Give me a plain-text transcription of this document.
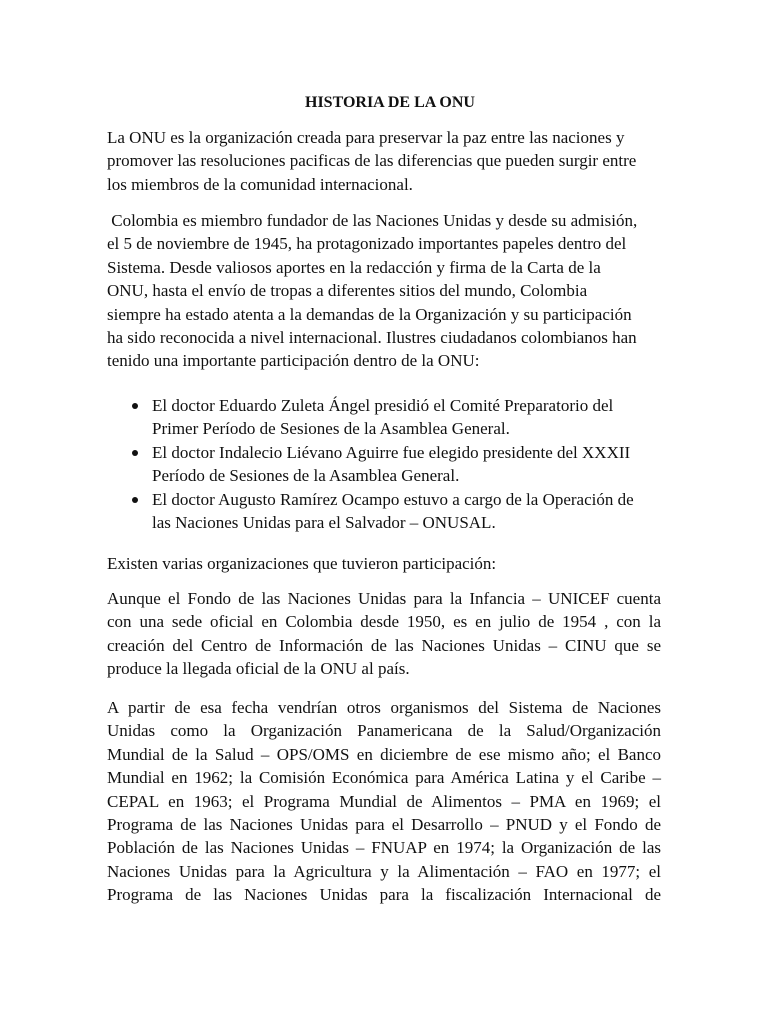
HISTORIA DE LA ONU

La ONU es la organización creada para preservar la paz entre las naciones y
promover las resoluciones pacificas de las diferencias que pueden surgir entre
los miembros de la comunidad internacional.

Colombia es miembro fundador de las Naciones Unidas y desde su admisión,
el 5 de noviembre de 1945, ha protagonizado importantes papeles dentro del
Sistema. Desde valiosos aportes en la redacción y firma de la Carta de la
ONU, hasta el envío de tropas a diferentes sitios del mundo, Colombia
siempre ha estado atenta a la demandas de la Organización y su participación
ha sido reconocida a nivel internacional. Ilustres ciudadanos colombianos han
tenido una importante participación dentro de la ONU:

El doctor Eduardo Zuleta Ángel presidió el Comité Preparatorio del
Primer Período de Sesiones de la Asamblea General.
El doctor Indalecio Liévano Aguirre fue elegido presidente del XXXII
Período de Sesiones de la Asamblea General.
El doctor Augusto Ramírez Ocampo estuvo a cargo de la Operación de
las Naciones Unidas para el Salvador – ONUSAL.

Existen varias organizaciones que tuvieron participación:

Aunque el Fondo de las Naciones Unidas para la Infancia – UNICEF cuenta
con una sede oficial en Colombia desde 1950, es en julio de 1954 , con la
creación del Centro de Información de las Naciones Unidas – CINU que se
produce la llegada oficial de la ONU al país.

A partir de esa fecha vendrían otros organismos del Sistema de Naciones
Unidas como la Organización Panamericana de la Salud/Organización
Mundial de la Salud – OPS/OMS en diciembre de ese mismo año; el Banco
Mundial en 1962; la Comisión Económica para América Latina y el Caribe –
CEPAL en 1963; el Programa Mundial de Alimentos – PMA en 1969; el
Programa de las Naciones Unidas para el Desarrollo – PNUD y el Fondo de
Población de las Naciones Unidas – FNUAP en 1974; la Organización de las
Naciones Unidas para la Agricultura y la Alimentación – FAO en 1977; el
Programa de las Naciones Unidas para la fiscalización Internacional de
